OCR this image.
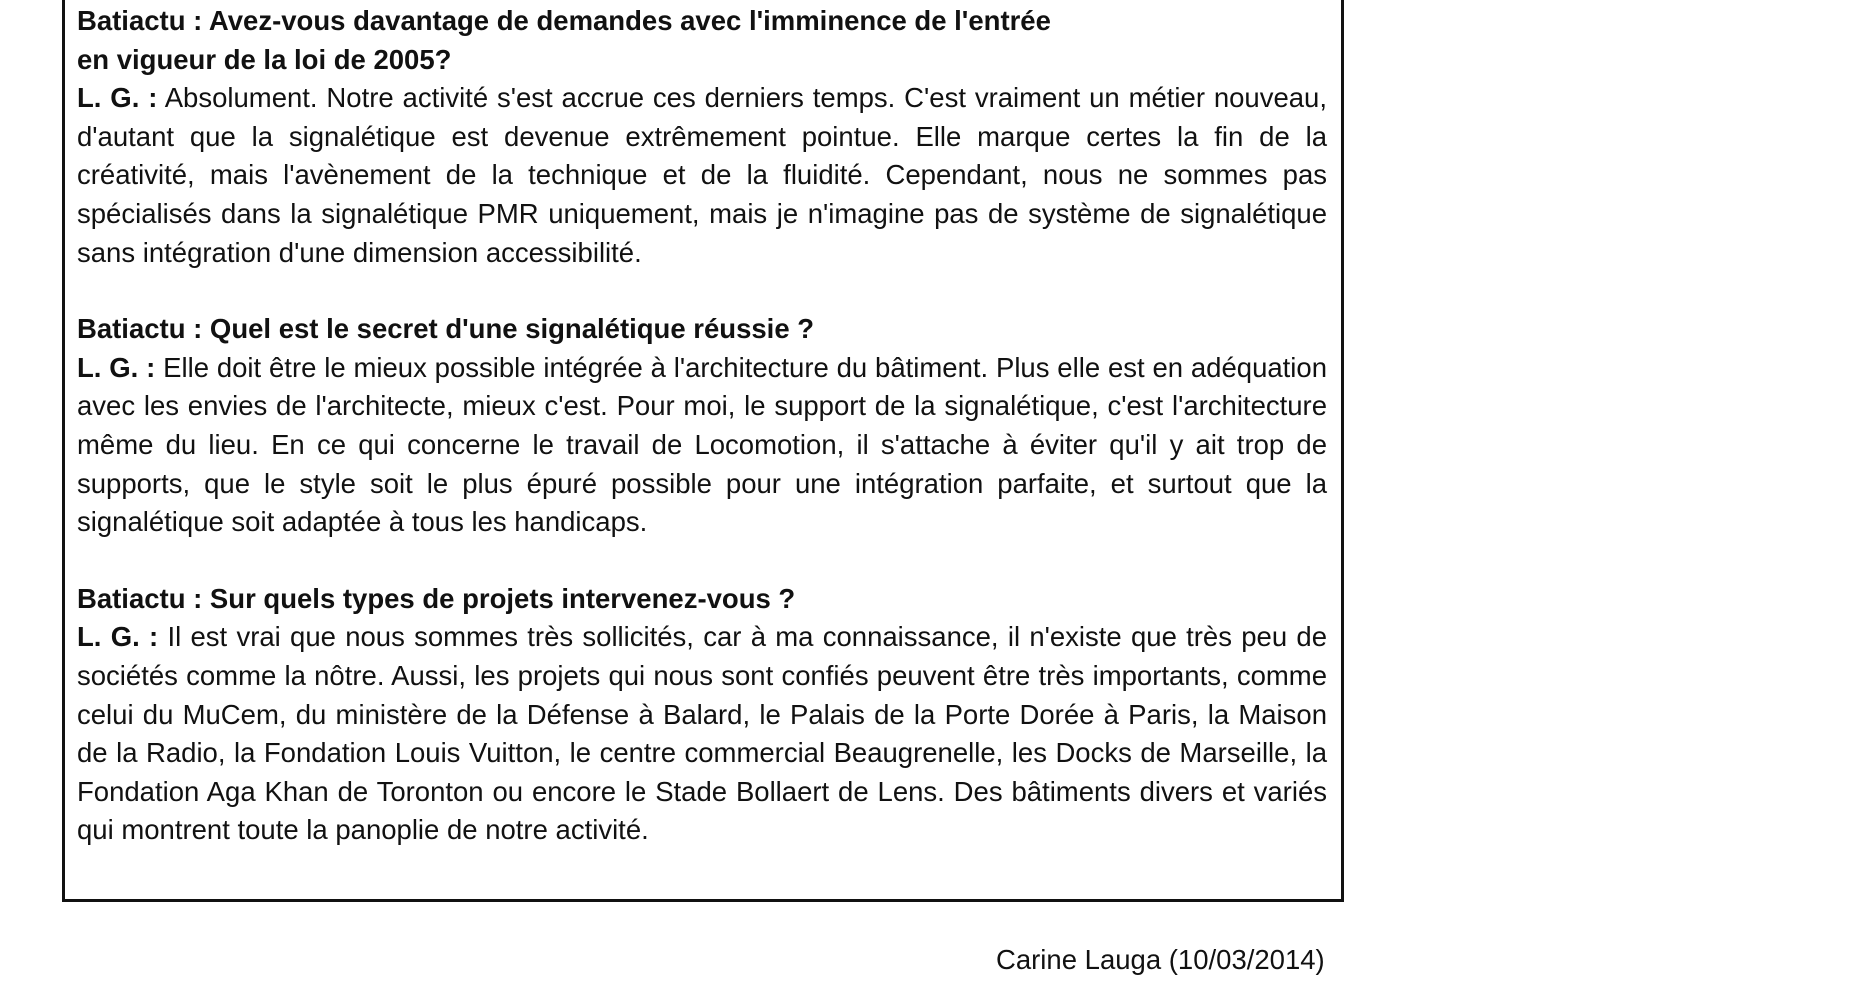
Batiactu : Avez-vous davantage de demandes avec l'imminence de l'entrée en vigueur de la loi de 2005?
L. G. : Absolument. Notre activité s'est accrue ces derniers temps. C'est vraiment un métier nouveau, d'autant que la signalétique est devenue extrêmement pointue. Elle marque certes la fin de la créativité, mais l'avènement de la technique et de la fluidité. Cependant, nous ne sommes pas spécialisés dans la signalétique PMR uniquement, mais je n'imagine pas de système de signalétique sans intégration d'une dimension accessibilité.
Batiactu : Quel est le secret d'une signalétique réussie ?
L. G. : Elle doit être le mieux possible intégrée à l'architecture du bâtiment. Plus elle est en adéquation avec les envies de l'architecte, mieux c'est. Pour moi, le support de la signalétique, c'est l'architecture même du lieu. En ce qui concerne le travail de Locomotion, il s'attache à éviter qu'il y ait trop de supports, que le style soit le plus épuré possible pour une intégration parfaite, et surtout que la signalétique soit adaptée à tous les handicaps.
Batiactu : Sur quels types de projets intervenez-vous ?
L. G. : Il est vrai que nous sommes très sollicités, car à ma connaissance, il n'existe que très peu de sociétés comme la nôtre. Aussi, les projets qui nous sont confiés peuvent être très importants, comme celui du MuCem, du ministère de la Défense à Balard, le Palais de la Porte Dorée à Paris, la Maison de la Radio, la Fondation Louis Vuitton, le centre commercial Beaugrenelle, les Docks de Marseille, la Fondation Aga Khan de Toronton ou encore le Stade Bollaert de Lens. Des bâtiments divers et variés qui montrent toute la panoplie de notre activité.
Carine Lauga (10/03/2014)
